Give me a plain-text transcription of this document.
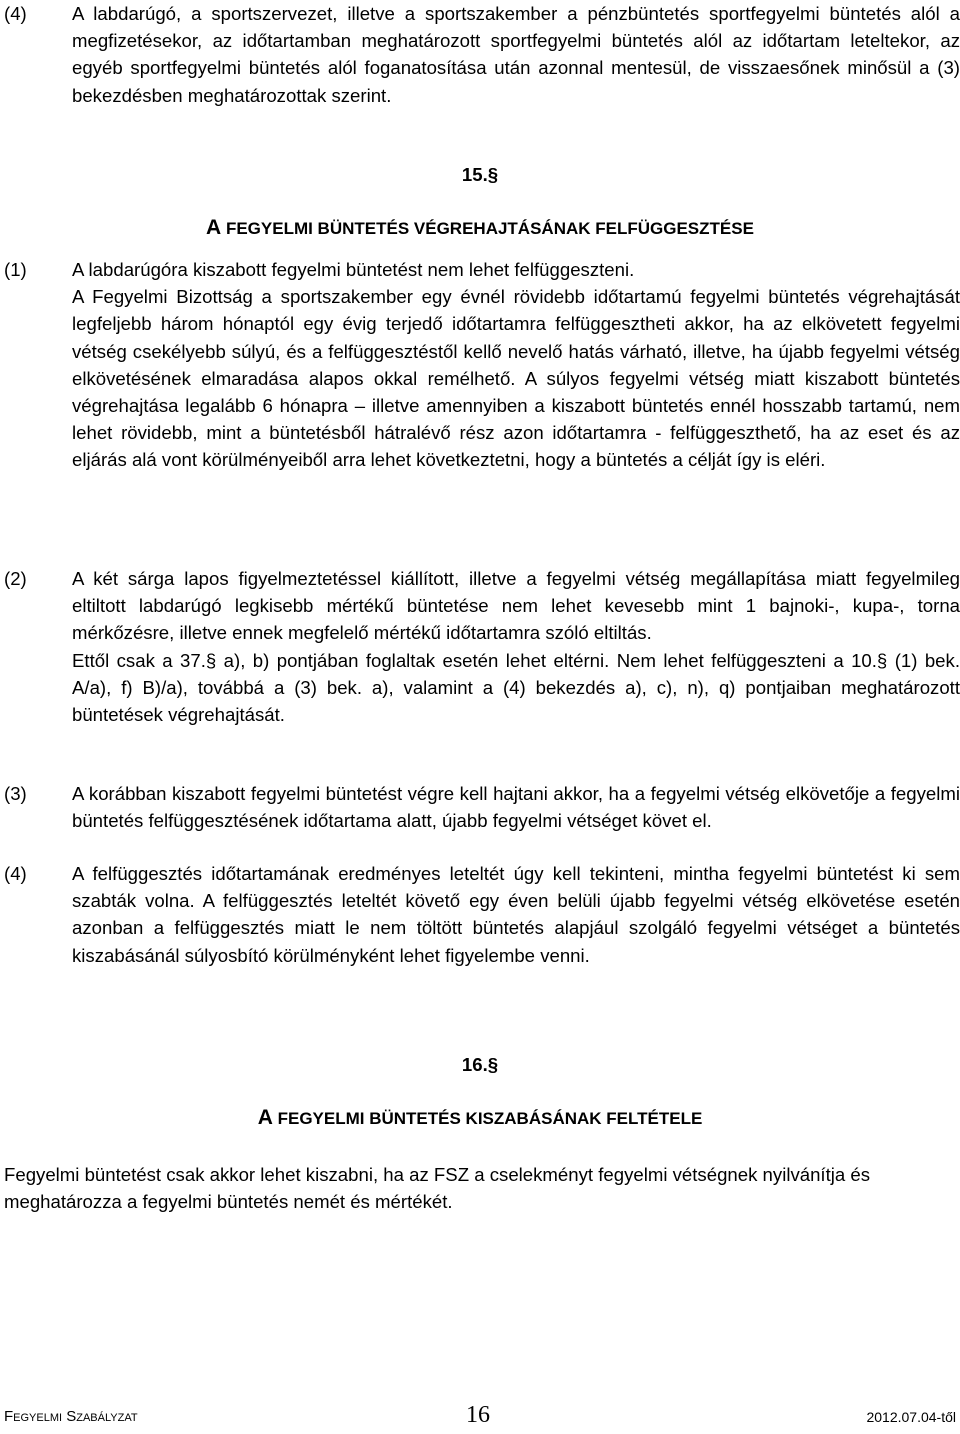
(4) A labdarúgó, a sportszervezet, illetve a sportszakember a pénzbüntetés sportfegyelmi büntetés alól a megfizetésekor, az időtartamban meghatározott sportfegyelmi büntetés alól az időtartam leteltekor, az egyéb sportfegyelmi büntetés alól foganatosítása után azonnal mentesül, de visszaesőnek minősül a (3) bekezdésben meghatározottak szerint.

15.§
A FEGYELMI BÜNTETÉS VÉGREHAJTÁSÁNAK FELFÜGGESZTÉSE
(1) A labdarúgóra kiszabott fegyelmi büntetést nem lehet felfüggeszteni.

A Fegyelmi Bizottság a sportszakember egy évnél rövidebb időtartamú fegyelmi büntetés végrehajtását legfeljebb három hónaptól egy évig terjedő időtartamra felfüggesztheti akkor, ha az elkövetett fegyelmi vétség csekélyebb súlyú, és a felfüggesztéstől kellő nevelő hatás várható, illetve, ha újabb fegyelmi vétség elkövetésének elmaradása alapos okkal remélhető. A súlyos fegyelmi vétség miatt kiszabott büntetés végrehajtása legalább 6 hónapra – illetve amennyiben a kiszabott büntetés ennél hosszabb tartamú, nem lehet rövidebb, mint a büntetésből hátralévő rész azon időtartamra - felfüggeszthető, ha az eset és az eljárás alá vont körülményeiből arra lehet következtetni, hogy a büntetés a célját így is eléri.

(2) A két sárga lapos figyelmeztetéssel kiállított, illetve a fegyelmi vétség megállapítása miatt fegyelmileg eltiltott labdarúgó legkisebb mértékű büntetése nem lehet kevesebb mint 1 bajnoki-, kupa-, torna mérkőzésre, illetve ennek megfelelő mértékű időtartamra szóló eltiltás.

Ettől csak a 37.§ a), b) pontjában foglaltak esetén lehet eltérni. Nem lehet felfüggeszteni a 10.§ (1) bek. A/a), f) B)/a), továbbá a (3) bek. a), valamint a (4) bekezdés a), c), n), q) pontjaiban meghatározott büntetések végrehajtását.

(3) A korábban kiszabott fegyelmi büntetést végre kell hajtani akkor, ha a fegyelmi vétség elkövetője a fegyelmi büntetés felfüggesztésének időtartama alatt, újabb fegyelmi vétséget követ el.

(4) A felfüggesztés időtartamának eredményes leteltét úgy kell tekinteni, mintha fegyelmi büntetést ki sem szabták volna. A felfüggesztés leteltét követő egy éven belüli újabb fegyelmi vétség elkövetése esetén azonban a felfüggesztés miatt le nem töltött büntetés alapjául szolgáló fegyelmi vétséget a büntetés kiszabásánál súlyosbító körülményként lehet figyelembe venni.

16.§
A FEGYELMI BÜNTETÉS KISZABÁSÁNAK FELTÉTELE

Fegyelmi büntetést csak akkor lehet kiszabni, ha az FSZ a cselekményt fegyelmi vétségnek nyilvánítja és meghatározza a fegyelmi büntetés nemét és mértékét.

Fegyelmi Szabályzat	16	2012.07.04-től
